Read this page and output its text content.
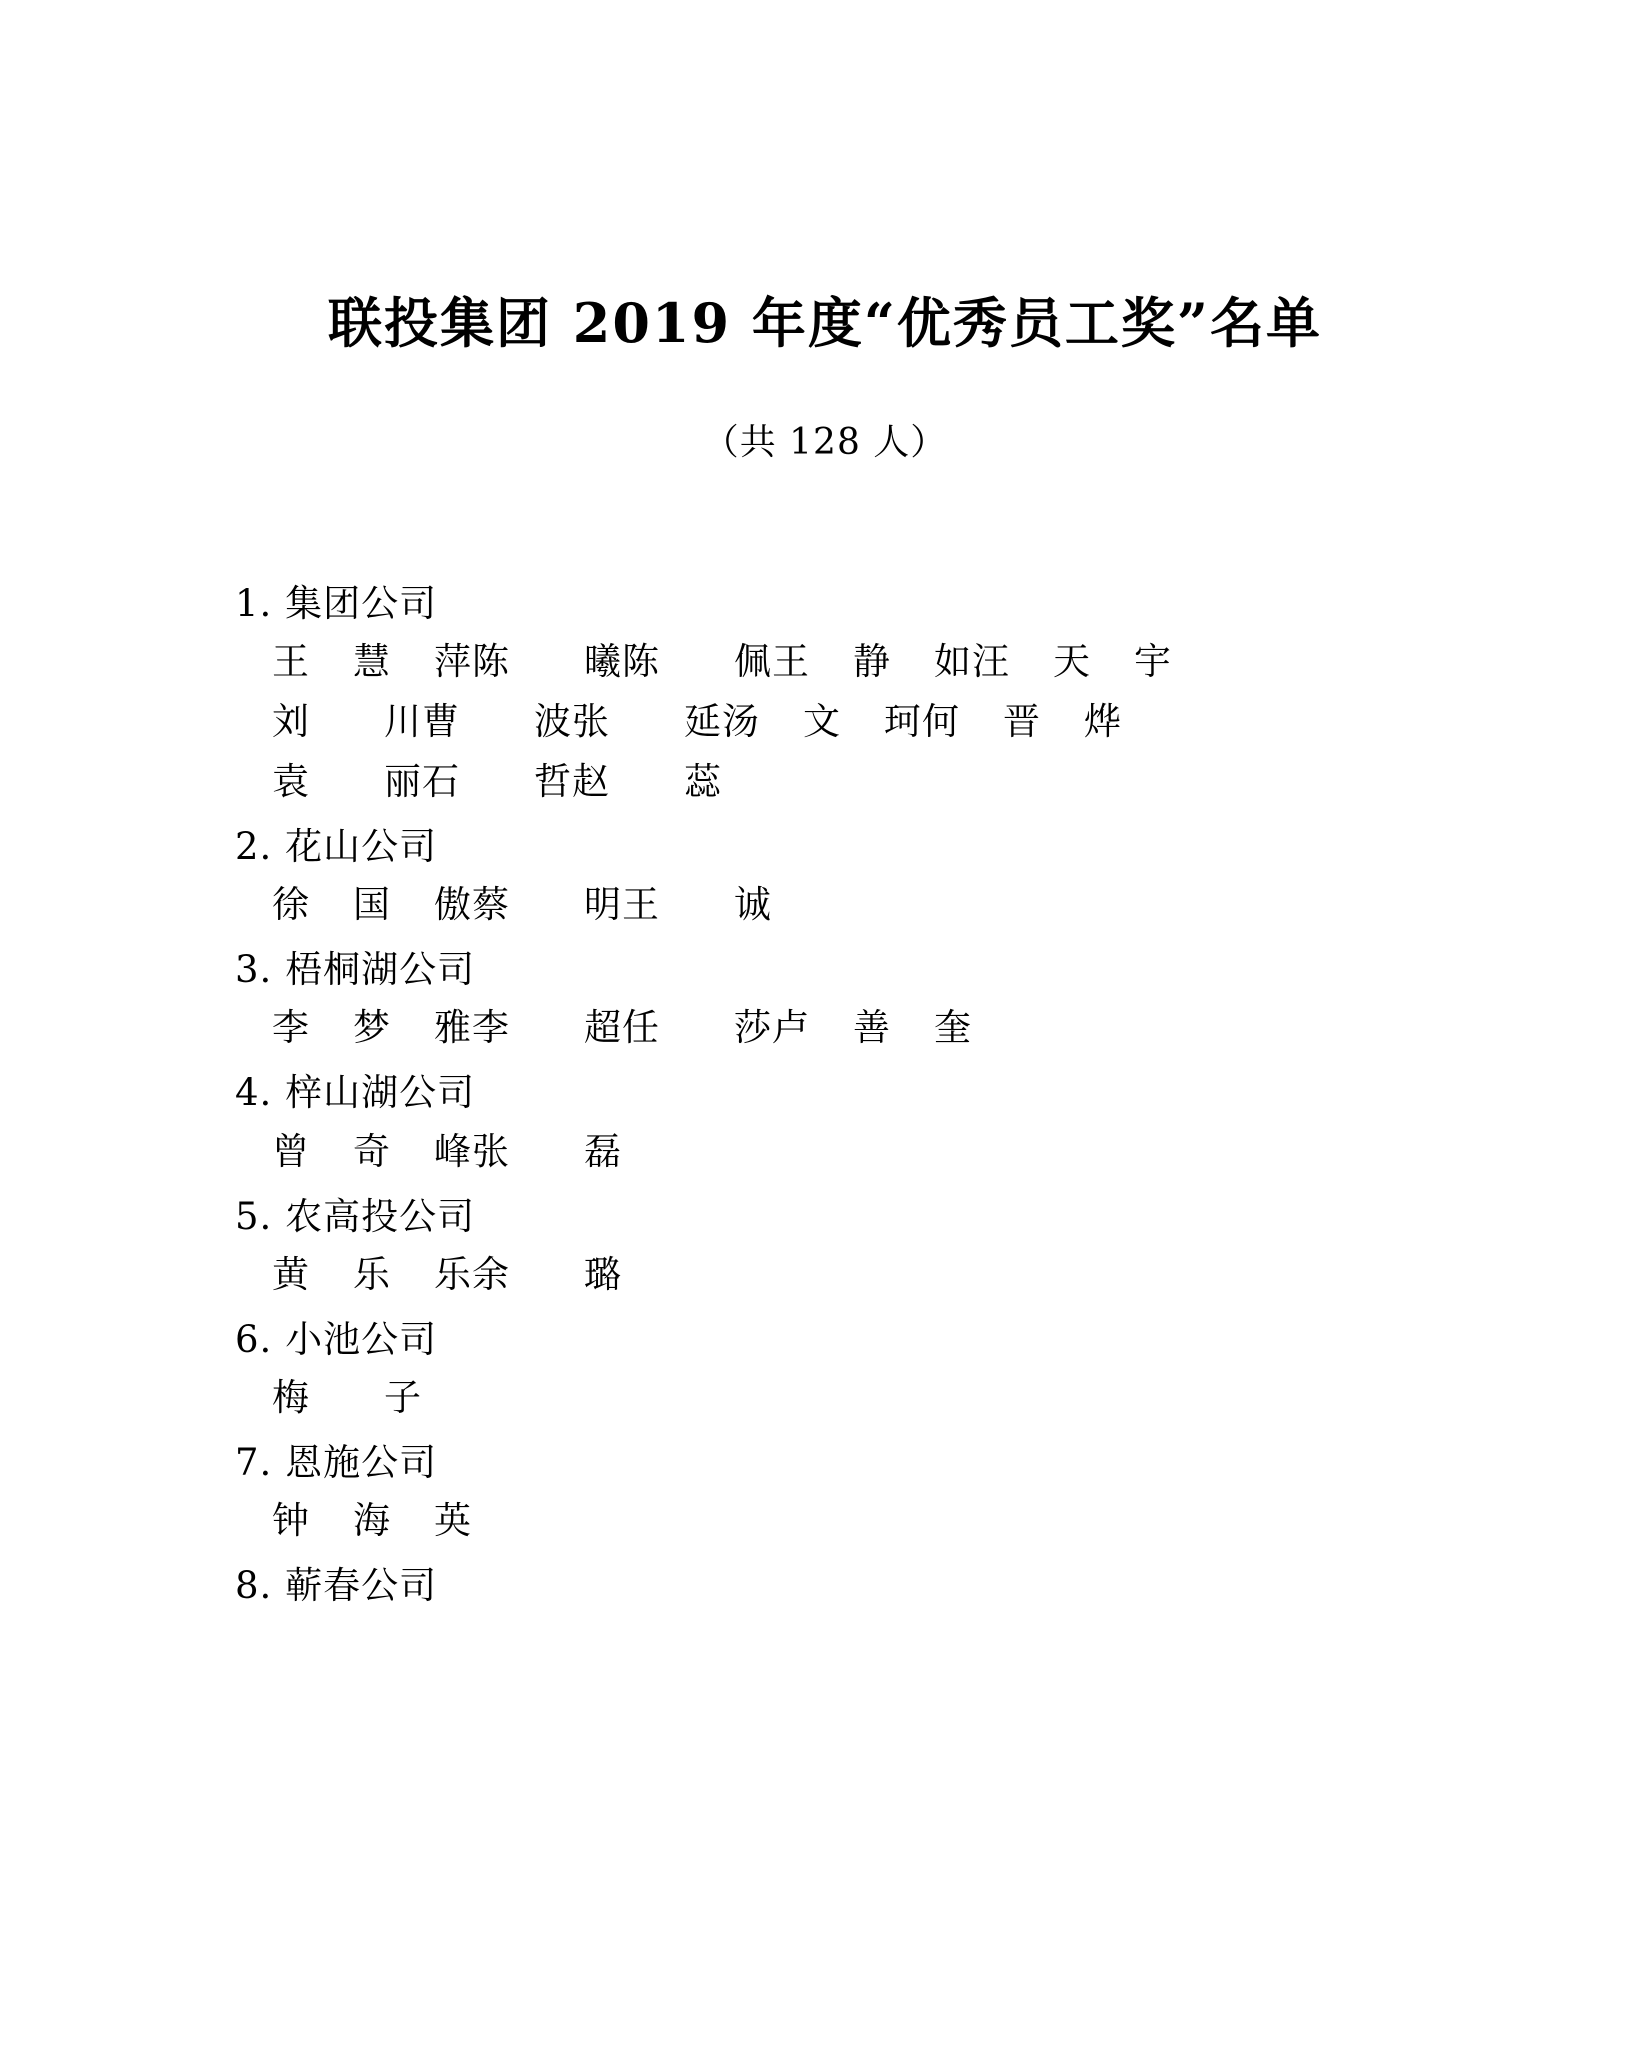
联投集团 2019 年度“优秀员工奖”名单
（共 128 人）
1. 集团公司
王慧萍陈曦陈佩王静如汪天宇
刘川曹波张延汤文珂何晋烨
袁丽石哲赵蕊
2. 花山公司
徐国傲蔡明王诚
3. 梧桐湖公司
李梦雅李超任莎卢善奎
4. 梓山湖公司
曾奇峰张磊
5. 农高投公司
黄乐乐余璐
6. 小池公司
梅子
7. 恩施公司
钟海英
8. 蕲春公司
